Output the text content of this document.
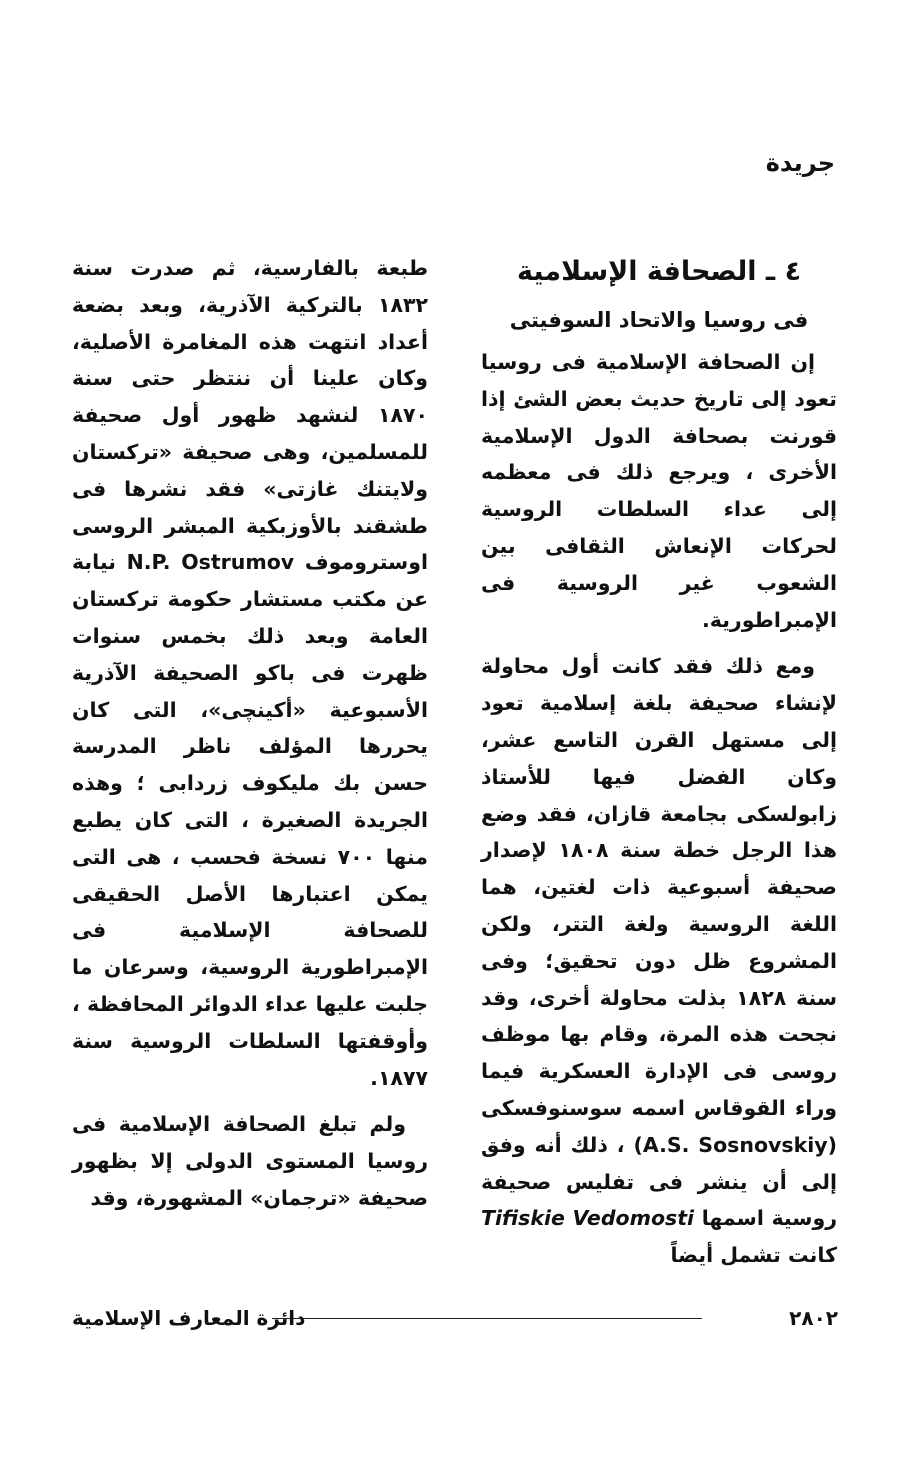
جريدة
٤ ـ الصحافة الإسلامية
فى روسيا والاتحاد السوفيتى

إن الصحافة الإسلامية فى روسيا تعود إلى تاريخ حديث بعض الشئ إذا قورنت بصحافة الدول الإسلامية الأخرى ، ويرجع ذلك فى معظمه إلى عداء السلطات الروسية لحركات الإنعاش الثقافى بين الشعوب غير الروسية فى الإمبراطورية.

ومع ذلك فقد كانت أول محاولة لإنشاء صحيفة بلغة إسلامية تعود إلى مستهل القرن التاسع عشر، وكان الفضل فيها للأستاذ زابولسكى بجامعة قازان، فقد وضع هذا الرجل خطة سنة ١٨٠٨ لإصدار صحيفة أسبوعية ذات لغتين، هما اللغة الروسية ولغة التتر، ولكن المشروع ظل دون تحقيق؛ وفى سنة ١٨٢٨ بذلت محاولة أخرى، وقد نجحت هذه المرة، وقام بها موظف روسى فى الإدارة العسكرية فيما وراء القوقاس اسمه سوسنوفسكى (A.S. Sosnovskiy) ، ذلك أنه وفق إلى أن ينشر فى تفليس صحيفة روسية اسمها Tifiskie Vedomosti كانت تشمل أيضاً

طبعة بالفارسية، ثم صدرت سنة ١٨٣٢ بالتركية الآذرية، وبعد بضعة أعداد انتهت هذه المغامرة الأصلية، وكان علينا أن ننتظر حتى سنة ١٨٧٠ لنشهد ظهور أول صحيفة للمسلمين، وهى صحيفة «تركستان ولايتنك غازتى» فقد نشرها فى طشقند بالأوزبكية المبشر الروسى اوستروموف N.P. Ostrumov نيابة عن مكتب مستشار حكومة تركستان العامة وبعد ذلك بخمس سنوات ظهرت فى باكو الصحيفة الآذرية الأسبوعية «أكينچى»، التى كان يحررها المؤلف ناظر المدرسة حسن بك مليكوف زردابى ؛ وهذه الجريدة الصغيرة ، التى كان يطبع منها ٧٠٠ نسخة فحسب ، هى التى يمكن اعتبارها الأصل الحقيقى للصحافة الإسلامية فى الإمبراطورية الروسية، وسرعان ما جلبت عليها عداء الدوائر المحافظة ، وأوقفتها السلطات الروسية سنة ١٨٧٧.

ولم تبلغ الصحافة الإسلامية فى روسيا المستوى الدولى إلا بظهور صحيفة «ترجمان» المشهورة، وقد

٢٨٠٢
دائرة المعارف الإسلامية
